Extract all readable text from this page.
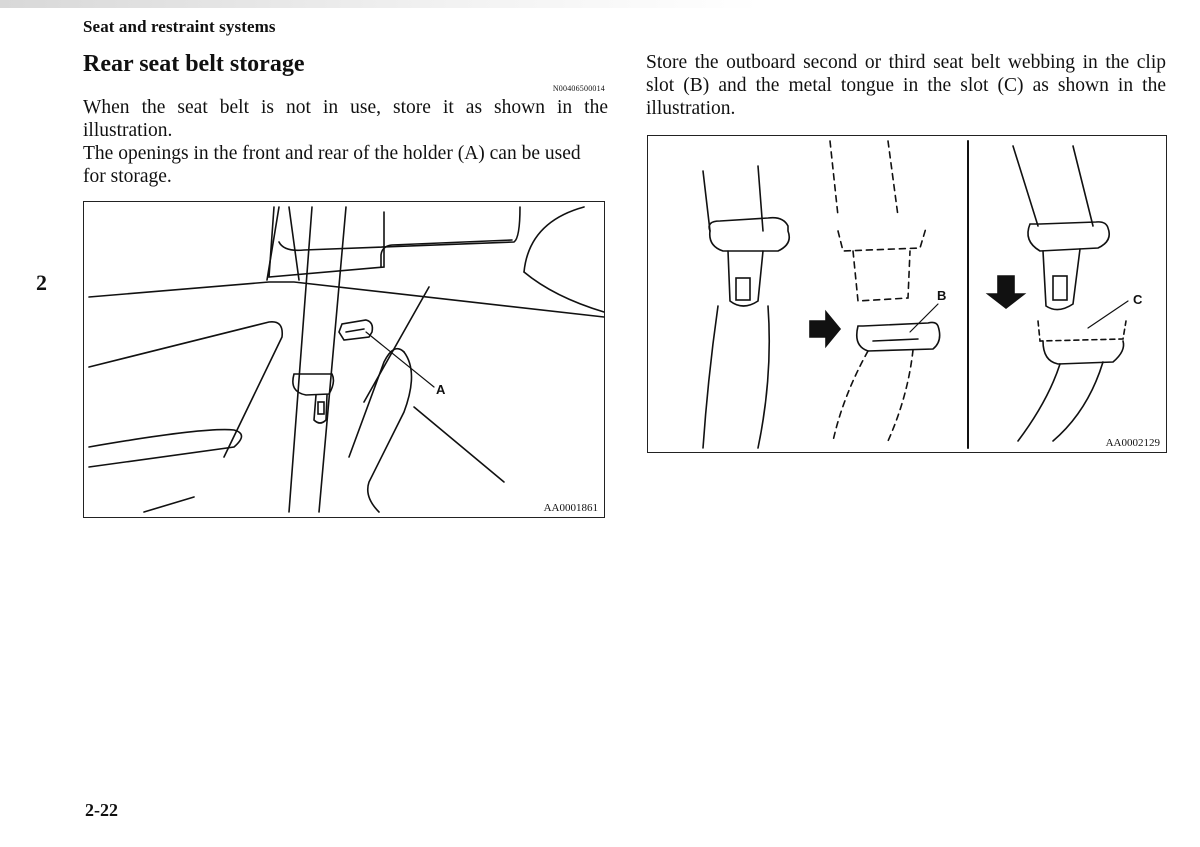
Seat and restraint systems
Rear seat belt storage
N00406500014

When the seat belt is not in use, store it as shown in the illustration.

The openings in the front and rear of the holder (A) can be used for storage.

Store the outboard second or third seat belt webbing in the clip slot (B) and the metal tongue in the slot (C) as shown in the illustration.

2
A
AA0001861
B	C
AA0002129
2-22
